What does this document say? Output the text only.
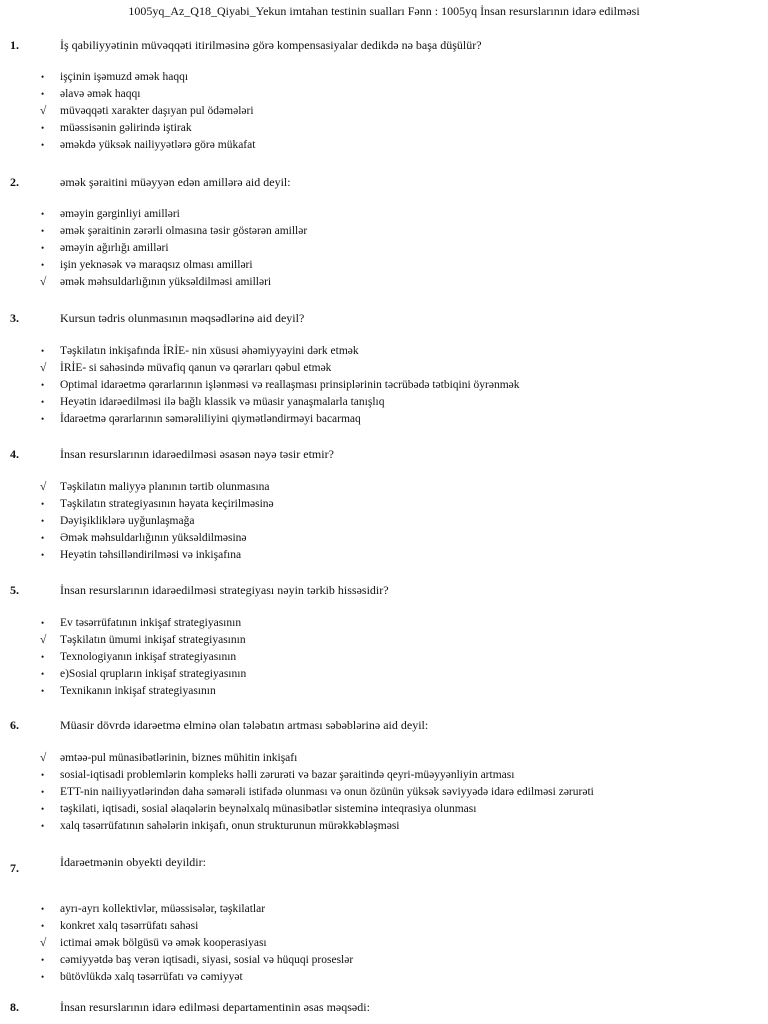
1005yq_Az_Q18_Qiyabi_Yekun imtahan testinin sualları Fənn : 1005yq İnsan resurslarının idarə edilməsi
1.	İş qabiliyyətinin müvəqqəti itirilməsinə görə kompensasiyalar dedikdə nə başa düşülür?
•	işçinin işəmuzd əmək haqqı
•	əlavə əmək haqqı
√	müvəqqəti xarakter daşıyan pul ödəmələri
•	müəssisənin gəlirində iştirak
•	əməkdə yüksək nailiyyətlərə görə mükafat
2.	əmək şəraitini müəyyən edən amillərə aid deyil:
•	əməyin gərginliyi amilləri
•	əmək şəraitinin zərərli olmasına təsir göstərən amillər
•	əməyin ağırlığı amilləri
•	işin yeknəsək və maraqsız olması amilləri
√	əmək məhsuldarlığının yüksəldilməsi amilləri
3.	Kursun tədris olunmasının məqsədlərinə aid deyil?
•	Təşkilatın inkişafında İRİE- nin xüsusi əhəmiyyəyini dərk etmək
√	İRİE- si sahəsində müvafiq qanun və qərarları qəbul etmək
•	Optimal idarəetmə qərarlarının işlənməsi və reallaşması prinsiplərinin təcrübədə tətbiqini öyrənmək
•	Heyətin idarəedilməsi ilə bağlı klassik və müasir yanaşmalarla tanışlıq
•	İdarəetmə qərarlarının səmərəliliyini qiymətləndirməyi bacarmaq
4.	İnsan resurslarının idarəedilməsi əsasən nəyə təsir etmir?
√	Təşkilatın maliyyə planının tərtib olunmasına
•	Təşkilatın strategiyasının həyata keçirilməsinə
•	Dəyişikliklərə uyğunlaşmağa
•	Əmək məhsuldarlığının yüksəldilməsinə
•	Heyətin təhsilləndirilməsi və inkişafına
5.	İnsan resurslarının idarəedilməsi strategiyası nəyin tərkib hissəsidir?
•	Ev təsərrüfatının inkişaf strategiyasının
√	Təşkilatın ümumi inkişaf strategiyasının
•	Texnologiyanın inkişaf strategiyasının
•	e)Sosial qrupların inkişaf strategiyasının
•	Texnikanın inkişaf strategiyasının
6.	Müasir dövrdə idarəetmə elminə olan tələbatın artması səbəblərinə aid deyil:
√	əmtəə-pul münasibətlərinin, biznes mühitin inkişafı
•	sosial-iqtisadi problemlərin kompleks həlli zərurəti və bazar şəraitində qeyri-müəyyənliyin artması
•	ETT-nin nailiyyətlərindən daha səmərəli istifadə olunması və onun özünün yüksək səviyyədə idarə edilməsi zərurəti
•	təşkilati, iqtisadi, sosial əlaqələrin beynəlxalq münasibətlər sisteminə inteqrasiya olunması
•	xalq təsərrüfatının sahələrin inkişafı, onun strukturunun mürəkkəbləşməsi
7.	İdarəetmənin obyekti deyildir:
•	ayrı-ayrı kollektivlər, müəssisələr, təşkilatlar
•	konkret xalq təsərrüfatı sahəsi
√	ictimai əmək bölgüsü və əmək kooperasiyası
•	cəmiyyətdə baş verən iqtisadi, siyasi, sosial və hüquqi proseslər
•	bütövlükdə xalq təsərrüfatı və cəmiyyət
8.	İnsan resurslarının idarə edilməsi departamentinin əsas məqsədi:
